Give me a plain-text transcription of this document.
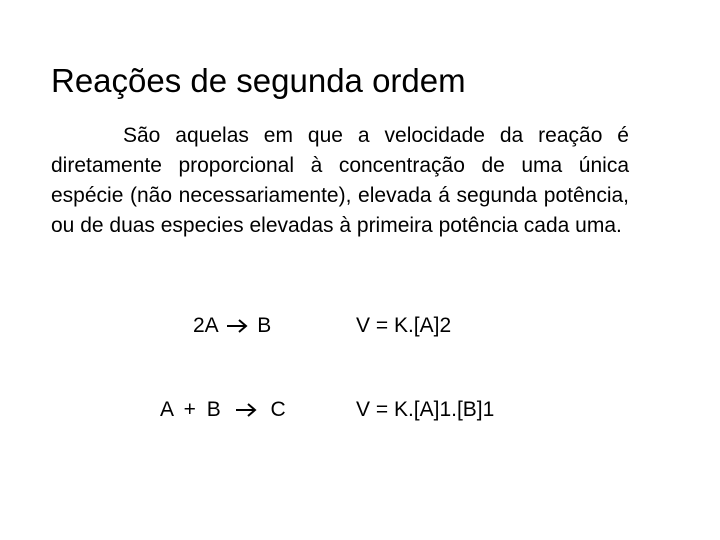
Reações de segunda ordem
São aquelas em que a velocidade da reação é diretamente proporcional à concentração de uma única espécie (não necessariamente), elevada á segunda potência, ou de duas especies elevadas à primeira potência cada uma.
2A B	V = K.[A]2
A + B C	V = K.[A]1.[B]1
